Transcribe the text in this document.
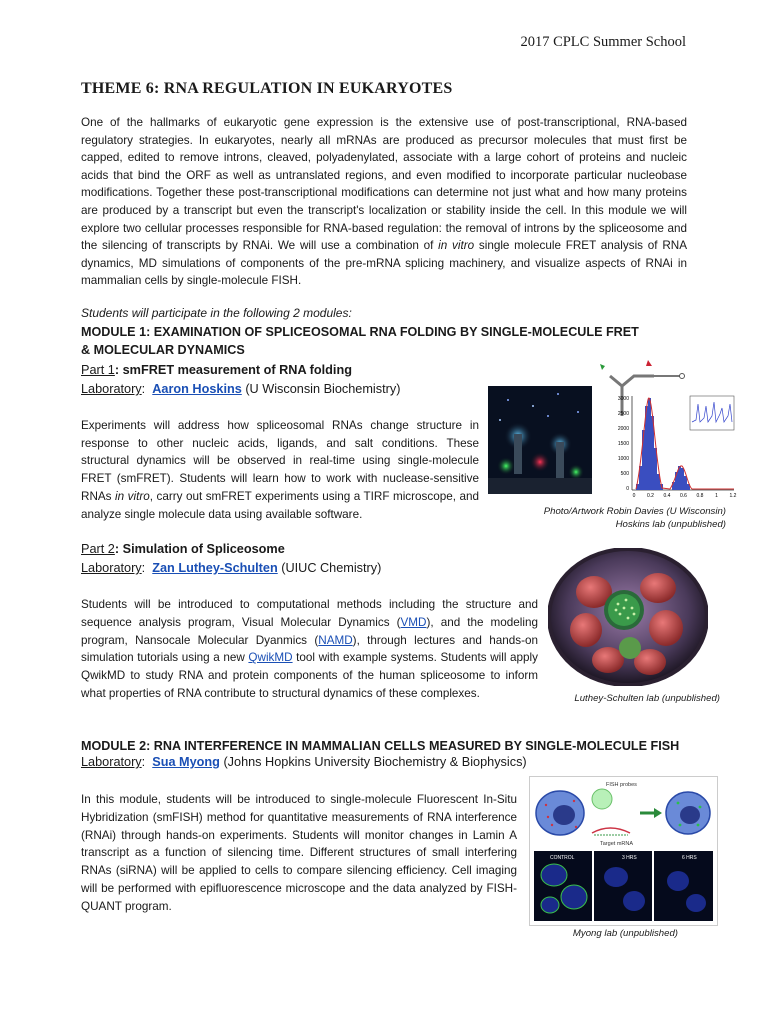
2017 CPLC Summer School
THEME 6: RNA REGULATION IN EUKARYOTES
One of the hallmarks of eukaryotic gene expression is the extensive use of post-transcriptional, RNA-based regulatory strategies. In eukaryotes, nearly all mRNAs are produced as precursor molecules that must first be capped, edited to remove introns, cleaved, polyadenylated, associate with a large cohort of proteins and nucleic acids that bind the ORF as well as untranslated regions, and even modified to incorporate particular nucleobase modifications. Together these post-transcriptional modifications can determine not just what and how many proteins are produced by a transcript but even the transcript's localization or stability inside the cell. In this module we will explore two cellular processes responsible for RNA-based regulation: the removal of introns by the spliceosome and the silencing of transcripts by RNAi. We will use a combination of in vitro single molecule FRET analysis of RNA dynamics, MD simulations of components of the pre-mRNA splicing machinery, and visualize aspects of RNAi in mammalian cells by single-molecule FISH.
Students will participate in the following 2 modules:
MODULE 1: EXAMINATION OF SPLICEOSOMAL RNA FOLDING BY SINGLE-MOLECULE FRET
& MOLECULAR DYNAMICS
Part 1: smFRET measurement of RNA folding
Laboratory: Aaron Hoskins (U Wisconsin Biochemistry)
Experiments will address how spliceosomal RNAs change structure in response to other nucleic acids, ligands, and salt conditions. These structural dynamics will be observed in real-time using single-molecule FRET (smFRET). Students will learn how to work with nuclease-sensitive RNAs in vitro, carry out smFRET experiments using a TIRF microscope, and analyze single molecule data using available software.
3000
2500
2000
1500
1000
500
0
0 0.2 0.4 0.6 0.8 1 1.2
Photo/Artwork Robin Davies (U Wisconsin)
Hoskins lab (unpublished)
Part 2: Simulation of Spliceosome
Laboratory: Zan Luthey-Schulten (UIUC Chemistry)
Students will be introduced to computational methods including the structure and sequence analysis program, Visual Molecular Dynamics (VMD), and the modeling program, Nansocale Molecular Dyanmics (NAMD), through lectures and hands-on simulation tutorials using a new QwikMD tool with example systems. Students will apply QwikMD to study RNA and protein components of the human spliceosome to inform what properties of RNA contribute to structural dynamics of these complexes.	Luthey-Schulten lab (unpublished)
MODULE 2: RNA INTERFERENCE IN MAMMALIAN CELLS MEASURED BY SINGLE-MOLECULE FISH
Laboratory: Sua Myong (Johns Hopkins University Biochemistry & Biophysics)
In this module, students will be introduced to single-molecule Fluorescent In-Situ Hybridization (smFISH) method for quantitative measurements of RNA interference (RNAi) through hands-on experiments. Students will monitor changes in Lamin A transcript as a function of silencing time. Different structures of small interfering RNAs (siRNA) will be applied to cells to compare silencing efficiency. Cell imaging will be performed with epifluorescence microscope and the data analyzed by FISH-QUANT program.
FISH probes
Target mRNA
CONTROL	3 HRS	6 HRS
Myong lab (unpublished)
